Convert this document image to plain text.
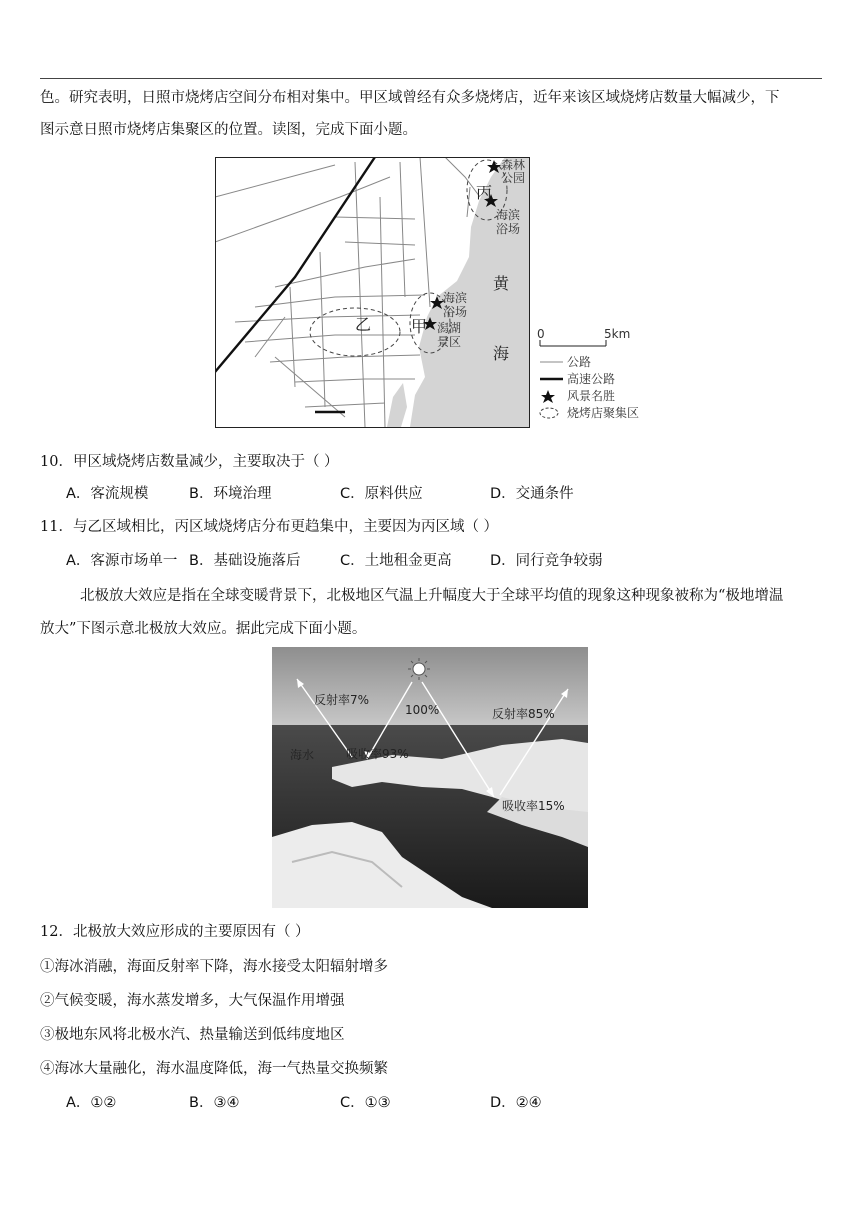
色。研究表明，日照市烧烤店空间分布相对集中。甲区域曾经有众多烧烤店，近年来该区域烧烤店数量大幅减少，下
图示意日照市烧烤店集聚区的位置。读图，完成下面小题。
丙
乙 甲
森林
公园
海滨
浴场
海滨
浴场
潟湖
景区
黄
海
0	5km
公路
高速公路
风景名胜
烧烤店聚集区
10．甲区域烧烤店数量减少，主要取决于（ ）
A．客流规模	B．环境治理	C．原料供应	D．交通条件
11．与乙区域相比，丙区域烧烤店分布更趋集中，主要因为丙区域（ ）
A．客源市场单一 B．基础设施落后	C．土地租金更高	D．同行竞争较弱
北极放大效应是指在全球变暖背景下，北极地区气温上升幅度大于全球平均值的现象这种现象被称为“极地增温
放大”下图示意北极放大效应。据此完成下面小题。
反射率7%
100%	反射率85%
海水	吸收率93%
吸收率15%
12．北极放大效应形成的主要原因有（ ）
①海冰消融，海面反射率下降，海水接受太阳辐射增多
②气候变暖，海水蒸发增多，大气保温作用增强
③极地东风将北极水汽、热量输送到低纬度地区
④海冰大量融化，海水温度降低，海一气热量交换频繁
A．①②	B．③④	C．①③	D．②④
